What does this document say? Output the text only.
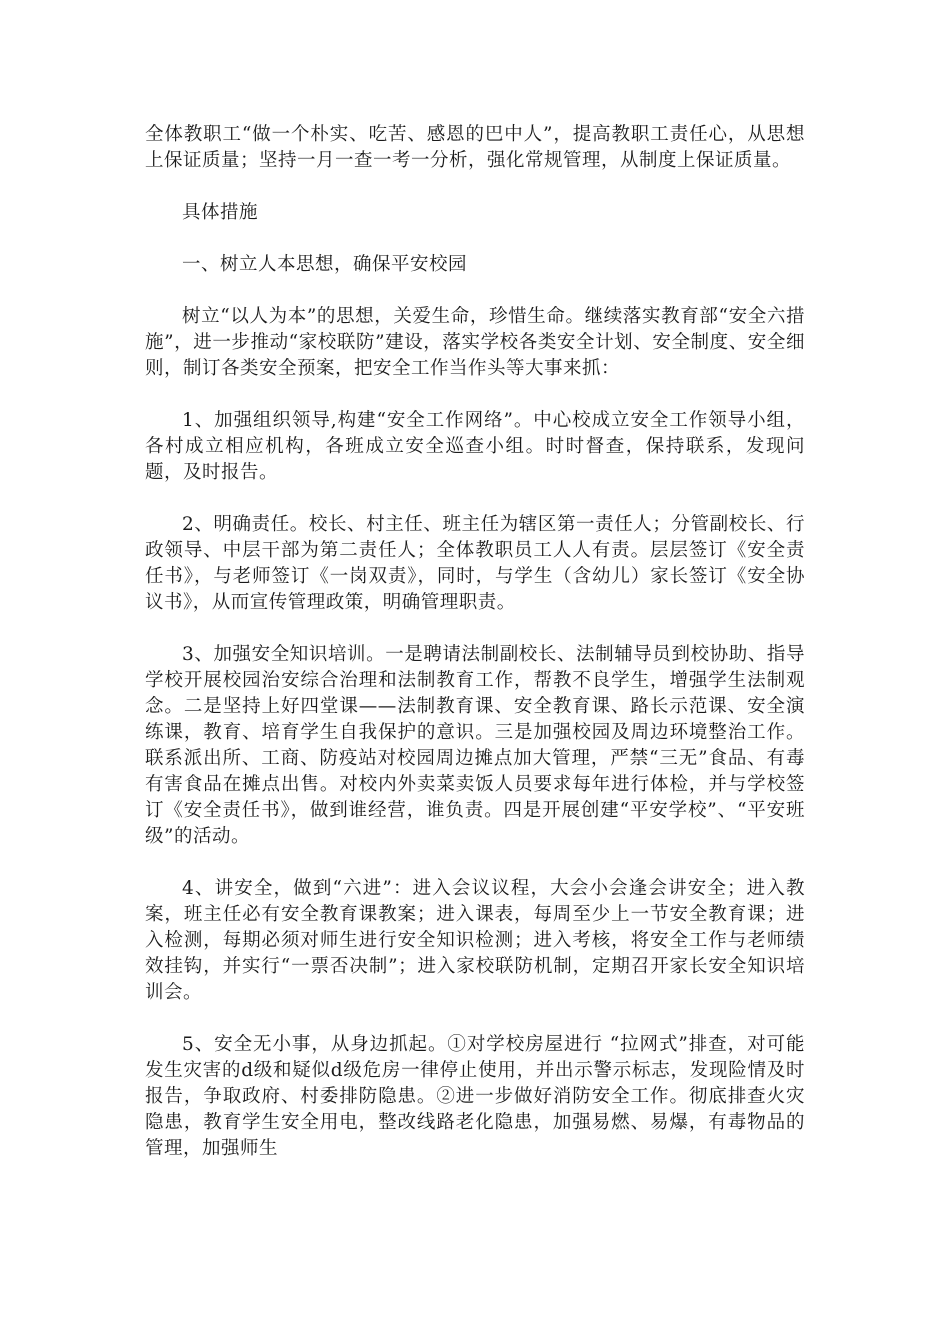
全体教职工“做一个朴实、吃苦、感恩的巴中人”，提高教职工责任心，从思想上保证质量；坚持一月一查一考一分析，强化常规管理，从制度上保证质量。

具体措施

一、树立人本思想，确保平安校园

树立“以人为本”的思想，关爱生命，珍惜生命。继续落实教育部“安全六措施”，进一步推动“家校联防”建设，落实学校各类安全计划、安全制度、安全细则，制订各类安全预案，把安全工作当作头等大事来抓：

1、加强组织领导,构建“安全工作网络”。中心校成立安全工作领导小组，各村成立相应机构，各班成立安全巡查小组。时时督查，保持联系，发现问题，及时报告。

2、明确责任。校长、村主任、班主任为辖区第一责任人；分管副校长、行政领导、中层干部为第二责任人；全体教职员工人人有责。层层签订《安全责任书》，与老师签订《一岗双责》，同时，与学生（含幼儿）家长签订《安全协议书》，从而宣传管理政策，明确管理职责。

3、加强安全知识培训。一是聘请法制副校长、法制辅导员到校协助、指导学校开展校园治安综合治理和法制教育工作，帮教不良学生，增强学生法制观念。二是坚持上好四堂课——法制教育课、安全教育课、路长示范课、安全演练课，教育、培育学生自我保护的意识。三是加强校园及周边环境整治工作。联系派出所、工商、防疫站对校园周边摊点加大管理，严禁“三无”食品、有毒有害食品在摊点出售。对校内外卖菜卖饭人员要求每年进行体检，并与学校签订《安全责任书》，做到谁经营，谁负责。四是开展创建“平安学校”、“平安班级”的活动。

4、讲安全，做到“六进”：进入会议议程，大会小会逢会讲安全；进入教案，班主任必有安全教育课教案；进入课表，每周至少上一节安全教育课；进入检测，每期必须对师生进行安全知识检测；进入考核，将安全工作与老师绩效挂钩，并实行“一票否决制”；进入家校联防机制，定期召开家长安全知识培训会。

5、安全无小事，从身边抓起。①对学校房屋进行 “拉网式”排查，对可能发生灾害的d级和疑似d级危房一律停止使用，并出示警示标志，发现险情及时报告，争取政府、村委排防隐患。②进一步做好消防安全工作。彻底排查火灾隐患，教育学生安全用电，整改线路老化隐患，加强易燃、易爆，有毒物品的管理，加强师生
